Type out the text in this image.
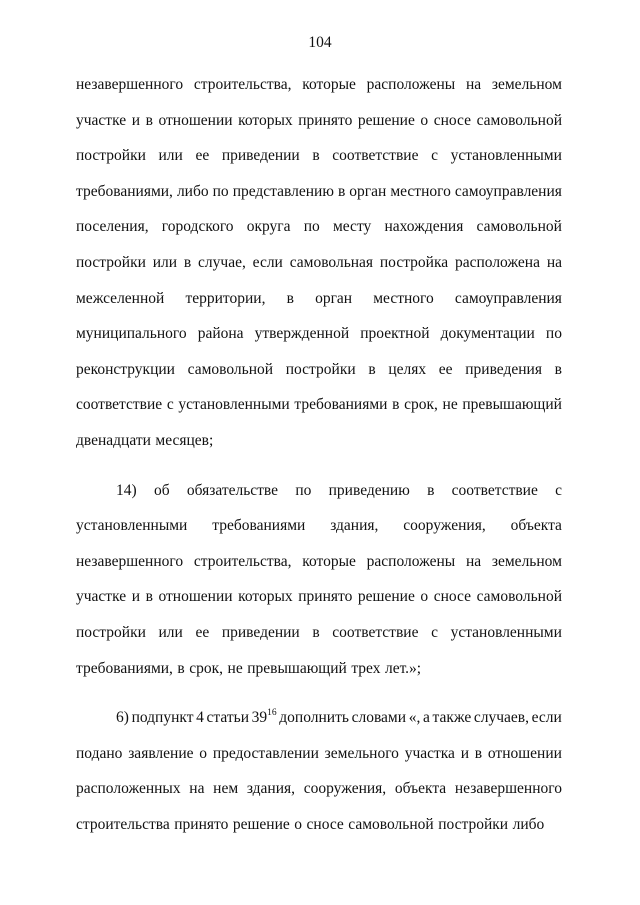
104
незавершенного строительства, которые расположены на земельном
участке и в отношении которых принято решение о сносе самовольной
постройки или ее приведении в соответствие с установленными
требованиями, либо по представлению в орган местного самоуправления
поселения, городского округа по месту нахождения самовольной
постройки или в случае, если самовольная постройка расположена на
межселенной территории, в орган местного самоуправления
муниципального района утвержденной проектной документации по
реконструкции самовольной постройки в целях ее приведения в
соответствие с установленными требованиями в срок, не превышающий
двенадцати месяцев;
14) об обязательстве по приведению в соответствие с
установленными требованиями здания, сооружения, объекта
незавершенного строительства, которые расположены на земельном
участке и в отношении которых принято решение о сносе самовольной
постройки или ее приведении в соответствие с установленными
требованиями, в срок, не превышающий трех лет.»;
6) подпункт 4 статьи $39^{16}$ дополнить словами «, а также случаев, если
подано заявление о предоставлении земельного участка и в отношении
расположенных на нем здания, сооружения, объекта незавершенного
строительства принято решение о сносе самовольной постройки либо
